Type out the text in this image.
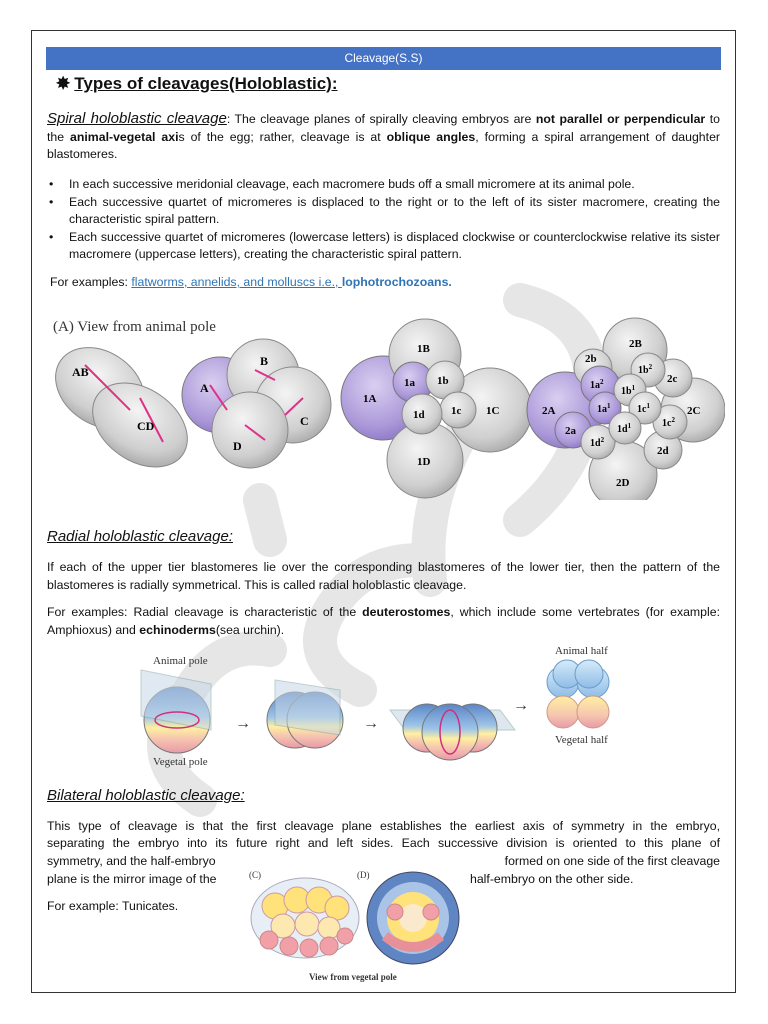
Cleavage(S.S)
✸ Types of cleavages(Holoblastic):
Spiral holoblastic cleavage: The cleavage planes of spirally cleaving embryos are not parallel or perpendicular to the animal-vegetal axis of the egg; rather, cleavage is at oblique angles, forming a spiral arrangement of daughter blastomeres.
• In each successive meridonial cleavage, each macromere buds off a small micromere at its animal pole.
• Each successive quartet of micromeres is displaced to the right or to the left of its sister macromere, creating the characteristic spiral pattern.
• Each successive quartet of micromeres (lowercase letters) is displaced clockwise or counterclockwise relative its sister macromere (uppercase letters), creating the characteristic spiral pattern.
For examples: flatworms, annelids, and molluscs i.e., lophotrochozoans.
(A) View from animal pole
AB
CD
A
B
C
D
1B
1a 1b
1A
1d 1c 1C
1D
2B
2b
$1b^2$
2c
$1a^2$
$1b^1$
2A	$1a^1$	$1c^1$	2C
2a	$1d^1$	$1c^2$
$1d^2$
2d
2D
Radial holoblastic cleavage:
If each of the upper tier blastomeres lie over the corresponding blastomeres of the lower tier, then the pattern of the blastomeres is radially symmetrical. This is called radial holoblastic cleavage.
For examples: Radial cleavage is characteristic of the deuterostomes, which include some vertebrates (for example: Amphioxus) and echinoderms(sea urchin).
Animal pole
Vegetal pole
→	→
→
Animal half
Vegetal half
Bilateral holoblastic cleavage:
This type of cleavage is that the first cleavage plane establishes the earliest axis of symmetry in the embryo,
separating the embryo into its future right and left sides. Each successive division is oriented to this plane of
symmetry, and the half-embryo	formed on one side of the first cleavage
plane is the mirror image of the	half-embryo on the other side.
For example: Tunicates.
(C)	(D)
View from vegetal pole
